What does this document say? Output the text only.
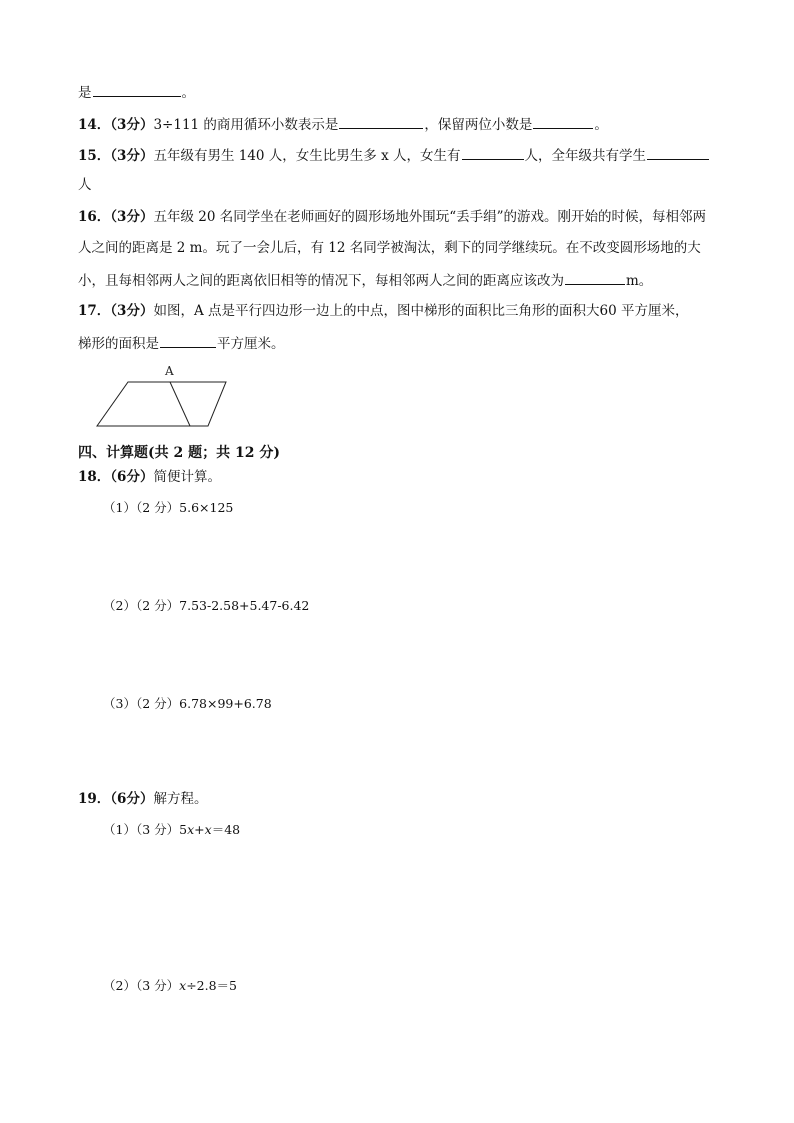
是	。
14．（3分）3÷111 的商用循环小数表示是	，保留两位小数是	。
15．（3分）五年级有男生 140 人，女生比男生多 x 人，女生有	人，全年级共有学生
人
16．（3分）五年级 20 名同学坐在老师画好的圆形场地外围玩“丢手绢”的游戏。刚开始的时候，每相邻两
人之间的距离是 2 m。玩了一会儿后，有 12 名同学被淘汰，剩下的同学继续玩。在不改变圆形场地的大
小，且每相邻两人之间的距离依旧相等的情况下，每相邻两人之间的距离应该改为	m。
17．（3分）如图，A 点是平行四边形一边上的中点，图中梯形的面积比三角形的面积大60 平方厘米，
梯形的面积是	平方厘米。
A
四、计算题(共 2 题；共 12 分)
18．（6分）简便计算。
（1）（2 分）5.6×125
（2）（2 分）7.53-2.58+5.47-6.42
（3）（2 分）6.78×99+6.78
19．（6分）解方程。
（1）（3 分）5x+x＝48
（2）（3 分）x÷2.8＝5
